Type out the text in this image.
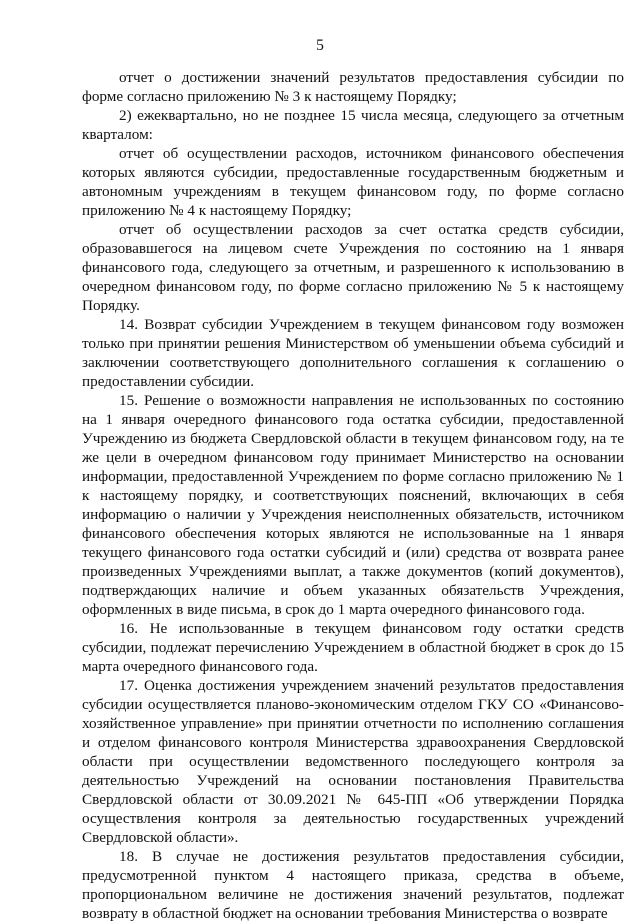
5

отчет о достижении значений результатов предоставления субсидии по форме согласно приложению № 3 к настоящему Порядку;

2) ежеквартально, но не позднее 15 числа месяца, следующего за отчетным кварталом:

отчет об осуществлении расходов, источником финансового обеспечения которых являются субсидии, предоставленные государственным бюджетным и автономным учреждениям в текущем финансовом году, по форме согласно приложению № 4 к настоящему Порядку;

отчет об осуществлении расходов за счет остатка средств субсидии, образовавшегося на лицевом счете Учреждения по состоянию на 1 января финансового года, следующего за отчетным, и разрешенного к использованию в очередном финансовом году, по форме согласно приложению № 5 к настоящему Порядку.

14. Возврат субсидии Учреждением в текущем финансовом году возможен только при принятии решения Министерством об уменьшении объема субсидий и заключении соответствующего дополнительного соглашения к соглашению о предоставлении субсидии.

15. Решение о возможности направления не использованных по состоянию на 1 января очередного финансового года остатка субсидии, предоставленной Учреждению из бюджета Свердловской области в текущем финансовом году, на те же цели в очередном финансовом году принимает Министерство на основании информации, предоставленной Учреждением по форме согласно приложению № 1 к настоящему порядку, и соответствующих пояснений, включающих в себя информацию о наличии у Учреждения неисполненных обязательств, источником финансового обеспечения которых являются не использованные на 1 января текущего финансового года остатки субсидий и (или) средства от возврата ранее произведенных Учреждениями выплат, а также документов (копий документов), подтверждающих наличие и объем указанных обязательств Учреждения, оформленных в виде письма, в срок до 1 марта очередного финансового года.

16. Не использованные в текущем финансовом году остатки средств субсидии, подлежат перечислению Учреждением в областной бюджет в срок до 15 марта очередного финансового года.

17. Оценка достижения учреждением значений результатов предоставления субсидии осуществляется планово-экономическим отделом ГКУ СО «Финансово-хозяйственное управление» при принятии отчетности по исполнению соглашения и отделом финансового контроля Министерства здравоохранения Свердловской области при осуществлении ведомственного последующего контроля за деятельностью Учреждений на основании постановления Правительства Свердловской области от 30.09.2021 № 645-ПП «Об утверждении Порядка осуществления контроля за деятельностью государственных учреждений Свердловской области».

18. В случае не достижения результатов предоставления субсидии, предусмотренной пунктом 4 настоящего приказа, средства в объеме, пропорциональном величине не достижения значений результатов, подлежат возврату в областной бюджет на основании требования Министерства о возврате
